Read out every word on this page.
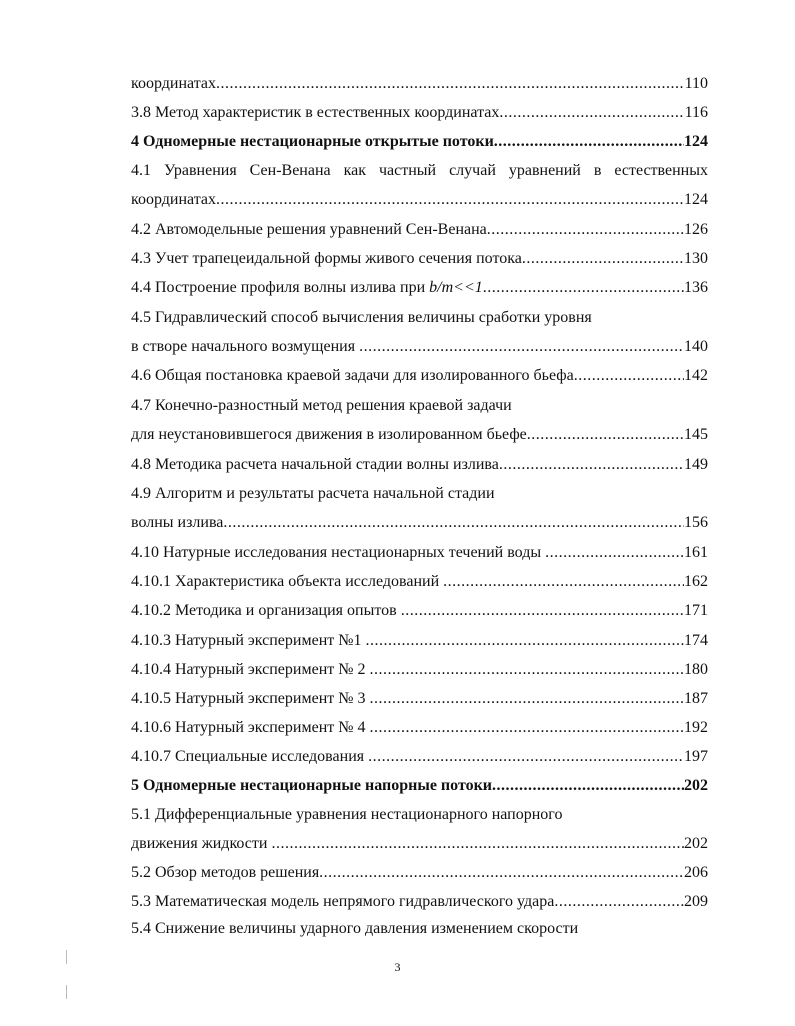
координатах .....	110
3.8 Метод характеристик в естественных координатах .....	116
4 Одномерные нестационарные открытые потоки .....	124
4.1 Уравнения Сен-Венана как частный случай уравнений в естественных
координатах .....	124
4.2 Автомодельные решения уравнений Сен-Венана .....	126
4.3 Учет трапецеидальной формы живого сечения потока .....	130
4.4 Построение профиля волны излива при b/m<<1 .....	136
4.5 Гидравлический способ вычисления величины сработки уровня
в створе начального возмущения .....	140
4.6 Общая постановка краевой задачи для изолированного бьефа .....	142
4.7 Конечно-разностный метод решения краевой задачи
для неустановившегося движения в изолированном бьефе .....	145
4.8 Методика расчета начальной стадии волны излива .....	149
4.9 Алгоритм и результаты расчета начальной стадии
волны излива .....	156
4.10 Натурные исследования нестационарных течений воды .....	161
4.10.1 Характеристика объекта исследований .....	162
4.10.2 Методика и организация опытов .....	171
4.10.3 Натурный эксперимент №1 .....	174
4.10.4 Натурный эксперимент № 2 .....	180
4.10.5 Натурный эксперимент № 3 .....	187
4.10.6 Натурный эксперимент № 4 .....	192
4.10.7 Специальные исследования .....	197
5 Одномерные нестационарные напорные потоки .....	202
5.1 Дифференциальные уравнения нестационарного напорного
движения жидкости .....	202
5.2 Обзор методов решения .....	206
5.3 Математическая модель непрямого гидравлического удара .....	209
5.4 Снижение величины ударного давления изменением скорости
3
